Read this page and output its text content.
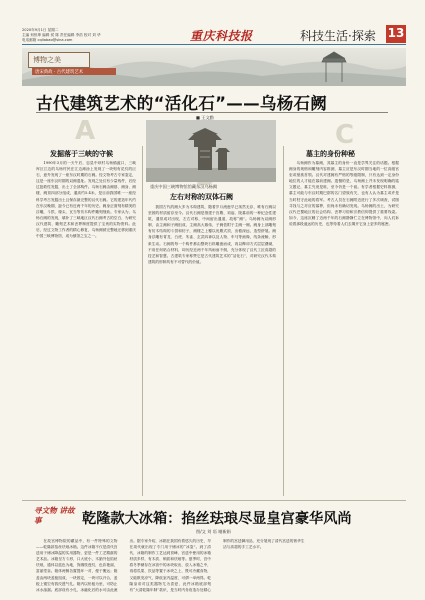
2020年9月1日 星期二
主编 何恒坤 编辑 侯 陈 责任编辑 李浩 校对 刘 华
电话邮箱 cqliabao@sina.com	重庆科技报	科技生活·探索 13
博物之美
唐宋典故 · 古代建筑艺术
古代建筑艺术的“活化石”——乌杨石阙
■ 王文勤
A	C
发掘落于三峡的守候
左右对称的双体石阙
墓主的身份种秘
重庆中国三峡博物馆馆藏东汉乌杨阙
1990年3月的一天午后，忠县中坝村乌杨镇渡口，三峡库区江边的乌杨村民在江边滩涂上发现了一块刻有花纹的巨石，意外发现了一座东汉时期的石阙。经文物考古专家鉴定，这是一座东汉时期的双阙遗址。发现之处仅有少量残件，后经过抢救性发掘，出土了全部构件。乌杨石阙由阙基、阙身、阙楼、阙顶四部分组成，通高约5.4米，是目前我国唯一一座经科学考古发掘出土且保存最完整的汉代石阙。它的建造年代约在东汉晚期，距今已有近两千年的历史。阙身正面刻有精美的浮雕，斗拱、椽头、瓦当等仿木构件雕刻细致。专家认为，乌杨石阙的发现，填补了三峡地区汉代石阙考古的空白，为研究汉代建筑、雕刻艺术和丧葬制度提供了宝贵的实物资料。此后，经过文物工作者的精心修复，乌杨阙被完整地迁移到重庆中国三峡博物馆，成为镇馆之宝之一。
我国古代的阙大多为木构建筑，随着岁月流逝早已荡然无存，唯有石阙以坚固的材质留存至今。汉代石阙是指建于宫殿、祠庙、陵墓前的一种纪念性建筑，通常成对出现，左右对称，中间留出通道，故称“阙”。乌杨阙为双阙形制，由主阙和子阙组成，主阙高大雄伟，子阙依附于主阙一侧。阙身上部雕刻有仿木结构的斗拱和枋子，阙楼之上覆以庑殿式顶，出檐深远，造型舒展。阙身浮雕有青龙、白虎、朱雀、玄武四神以及人物、车马等画像，线条流畅，形象生动。石阙的每一个构件都由整块石料雕凿而成，再以榫卯方式层层叠砌，不用任何粘合材料，却历经近两千年风雨而不倒，充分体现了汉代工匠高超的技艺和智慧。古建筑专家称赞它是古代建筑艺术的“活化石”，对研究汉代木构建筑的形制具有不可替代的价值。
乌杨阙作为墓阙，其墓主的身份一直是学界关注的话题。根据阙身的规格和雕刻内容推测，墓主应是东汉时期当地的一位高级官吏或豪族首领。汉代对建阙有严格的等级限制，只有达到一定身份地位的人才能在墓前建阙。遗憾的是，乌杨阙上并未发现明确的铭文题记，墓主究竟是谁，至今仍是一个谜。有学者根据史料推测，墓主可能与东汉时期巴郡的名门望族有关，也有人认为墓主或许是当时驻守此地的将军。考古人员在石阙附近进行了多次调查，试图寻找与之对应的墓葬，但尚未有确切发现。乌杨阙的出土，为研究汉代巴蜀地区的社会结构、丧葬习俗和宗教信仰提供了重要线索。如今，这座沉睡了近两千年的石阙静静伫立在博物馆中，向人们诉说着那段遥远的历史，也等待着人们去揭开它身上更多的秘密。
寻文物 讲故事	乾隆款大冰箱：掐丝珐琅尽显皇宫豪华风尚
图/文 刘 语 谢新娟
在故宫博物院的藏品中，有一件特殊的文物——乾隆款掐丝珐琅冰箱。这件冰箱不仅是清代宫廷用于储冰降温的实用器物，更是一件工艺精湛的艺术品。冰箱呈方斗形，口大底小，木胎外包掐丝珐琅，通体以蓝色为地，饰缠枝莲纹，色彩艳丽，富丽堂皇。箱体两侧各置提环一对，便于搬运；箱盖由两块盖板组成，一块固定，一块可以开合，盖板上镂空有钱纹透气孔。箱内以铅板为里，可防止冰水渗漏。底部设有小孔，冰融化后的水可由此流出。据专家介绍，冰箱在我国有着悠久的历史，早在周代就出现了专门用于储冰的“冰鉴”。到了清代，冰箱的制作工艺达到顶峰，宫廷中使用的冰箱材质多样，有木质、铜质和珐琅等。夏季时，宫中将冬季储存在冰窖中的冰块取出，放入冰箱之中，再将瓜果、饮品等置于冰块之上，既可冷藏食物，又能散发凉气，降低室内温度，可谓一举两得。乾隆皇帝对这类器物尤为喜爱，此件冰箱底部刻有“大清乾隆年制”款识，是当时内务府造办处精心制作的宫廷御用品，充分展现了清代宫廷的奢华生活与高超的手工艺水平。
